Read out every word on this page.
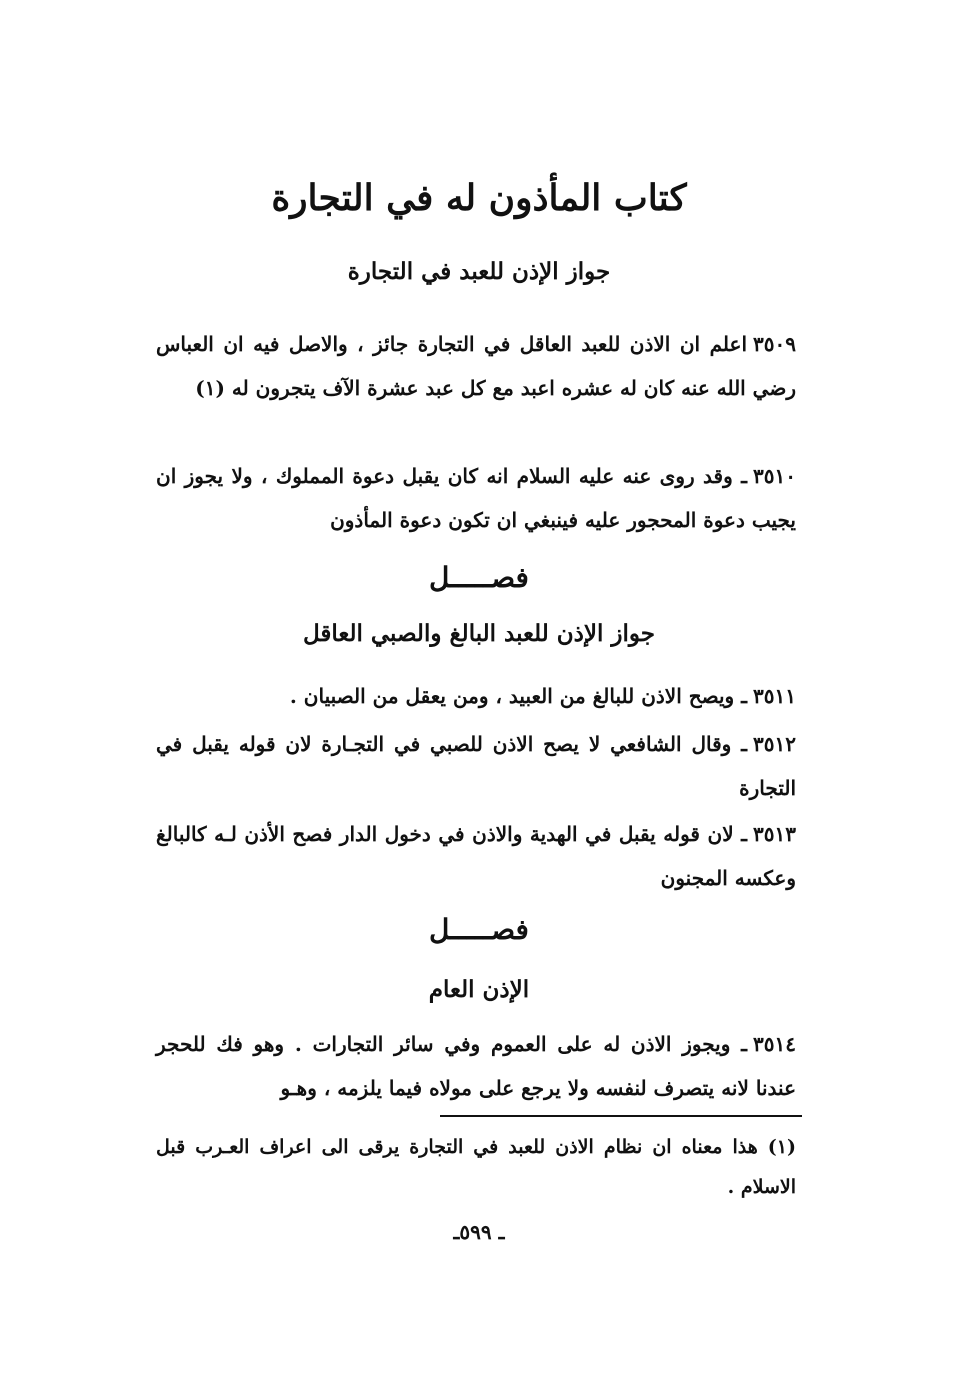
كتاب المأذون له في التجارة
جواز الإذن للعبد في التجارة
٣٥٠٩اعلم ان الاذن للعبد العاقل في التجارة جائز ، والاصل فيه ان العباس رضي الله عنه كان له عشره اعبد مع كل عبد عشرة الآف يتجرون له (١)
٣٥١٠ـ وقد روى عنه عليه السلام انه كان يقبل دعوة المملوك ، ولا يجوز ان يجيب دعوة المحجور عليه فينبغي ان تكون دعوة المأذون
فصـــــل
جواز الإذن للعبد البالغ والصبي العاقل
٣٥١١ـ ويصح الاذن للبالغ من العبيد ، ومن يعقل من الصبيان .
٣٥١٢ـ وقال الشافعي لا يصح الاذن للصبي في التجـارة لان قوله يقبل في التجارة
٣٥١٣ـ لان قوله يقبل في الهدية والاذن في دخول الدار فصح الأذن لـه كالبالغ وعكسه المجنون
فصـــــل
الإذن العام
٣٥١٤ـ ويجوز الاذن له على العموم وفي سائر التجارات . وهو فك للحجر عندنا لانه يتصرف لنفسه ولا يرجع على مولاه فيما يلزمه ، وهـو
(١) هذا معناه ان نظام الاذن للعبد في التجارة يرقى الى اعراف العـرب قبل الاسلام .
ـ ٥٩٩ـ
